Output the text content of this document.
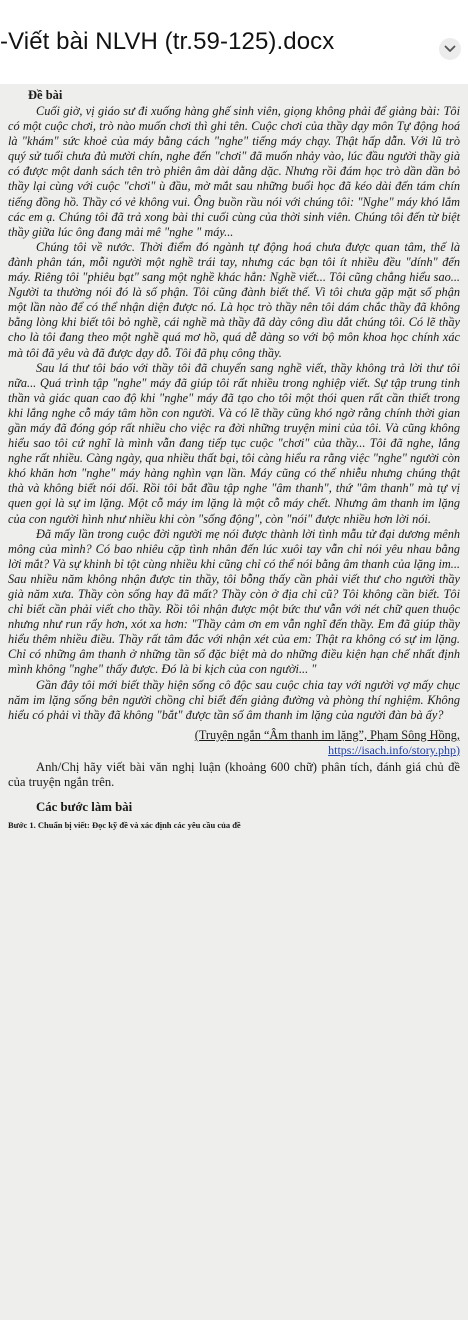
-Viết bài NLVH (tr.59-125).docx
Đề bài

Cuối giờ, vị giáo sư đi xuống hàng ghế sinh viên, giọng không phải để giảng bài: Tôi có một cuộc chơi, trò nào muốn chơi thì ghi tên. Cuộc chơi của thầy dạy môn Tự động hoá là "khám" sức khoẻ của máy bằng cách "nghe" tiếng máy chạy. Thật hấp dẫn. Với lũ trò quý sử tuổi chưa đủ mười chín, nghe đến "chơi" đã muốn nhảy vào, lúc đầu người thầy già có được một danh sách tên trò phiên âm dài dằng dặc. Nhưng rồi đám học trò dần dần bỏ thầy lại cùng với cuộc "chơi" ù đầu, mờ mắt sau những buổi học đã kéo dài đến tám chín tiếng đồng hồ. Thầy có vẻ không vui. Ông buồn rầu nói với chúng tôi: "Nghe" máy khó lắm các em ạ. Chúng tôi đã trả xong bài thi cuối cùng của thời sinh viên. Chúng tôi đến từ biệt thầy giữa lúc ông đang mải mê "nghe " máy...

Chúng tôi về nước. Thời điểm đó ngành tự động hoá chưa được quan tâm, thế là đành phân tán, mỗi người một nghề trái tay, nhưng các bạn tôi ít nhiều đều "dính" đến máy. Riêng tôi "phiêu bạt" sang một nghề khác hẳn: Nghề viết... Tôi cũng chẳng hiểu sao... Người ta thường nói đó là số phận. Tôi cũng đành biết thế. Vì tôi chưa gặp mặt số phận một lần nào để có thể nhận diện được nó. Là học trò thầy nên tôi dám chắc thầy đã không bằng lòng khi biết tôi bỏ nghề, cái nghề mà thầy đã dày công dìu dắt chúng tôi. Có lẽ thầy cho là tôi đang theo một nghề quá mơ hồ, quá dễ dàng so với bộ môn khoa học chính xác mà tôi đã yêu và đã được dạy dỗ. Tôi đã phụ công thầy.

Sau lá thư tôi báo với thầy tôi đã chuyển sang nghề viết, thầy không trả lời thư tôi nữa... Quá trình tập "nghe" máy đã giúp tôi rất nhiều trong nghiệp viết. Sự tập trung tinh thần và giác quan cao độ khi "nghe" máy đã tạo cho tôi một thói quen rất cần thiết trong khi lắng nghe cỗ máy tâm hồn con người. Và có lẽ thầy cũng khó ngờ rằng chính thời gian gần máy đã đóng góp rất nhiều cho việc ra đời những truyện mini của tôi. Và cũng không hiểu sao tôi cứ nghĩ là mình vẫn đang tiếp tục cuộc "chơi" của thầy... Tôi đã nghe, lắng nghe rất nhiều. Càng ngày, qua nhiều thất bại, tôi càng hiểu ra rằng việc "nghe" người còn khó khăn hơn "nghe" máy hàng nghìn vạn lần. Máy cũng có thể nhiễu nhưng chúng thật thà và không biết nói dối. Rồi tôi bắt đầu tập nghe "âm thanh", thứ "âm thanh" mà tự vị quen gọi là sự im lặng. Một cỗ máy im lặng là một cỗ máy chết. Nhưng âm thanh im lặng của con người hình như nhiều khi còn "sống động", còn "nói" được nhiều hơn lời nói.

Đã mấy lần trong cuộc đời người mẹ nói được thành lời tình mẫu tử đại dương mênh mông của mình? Có bao nhiêu cặp tình nhân đến lúc xuôi tay vẫn chỉ nói yêu nhau bằng lời mắt? Và sự khinh bỉ tột cùng nhiều khi cũng chỉ có thể nói bằng âm thanh của lặng im... Sau nhiều năm không nhận được tin thầy, tôi bỗng thấy cần phải viết thư cho người thầy già năm xưa. Thầy còn sống hay đã mất? Thầy còn ở địa chỉ cũ? Tôi không cần biết. Tôi chỉ biết cần phải viết cho thầy. Rồi tôi nhận được một bức thư vẫn với nét chữ quen thuộc nhưng như run rẩy hơn, xót xa hơn: "Thầy cảm ơn em vẫn nghĩ đến thầy. Em đã giúp thầy hiểu thêm nhiều điều. Thầy rất tâm đắc với nhận xét của em: Thật ra không có sự im lặng. Chỉ có những âm thanh ở những tần số đặc biệt mà do những điều kiện hạn chế nhất định mình không "nghe" thấy được. Đó là bi kịch của con người... "

Gần đây tôi mới biết thầy hiện sống cô độc sau cuộc chia tay với người vợ mấy chục năm im lặng sống bên người chồng chỉ biết đến giảng đường và phòng thí nghiệm. Không hiểu có phải vì thầy đã không "bắt" được tần số âm thanh im lặng của người đàn bà ấy?

(Truyện ngắn “Âm thanh im lặng”, Phạm Sông Hồng,
https://isach.info/story.php)
Anh/Chị hãy viết bài văn nghị luận (khoảng 600 chữ) phân tích, đánh giá chủ đề của truyện ngắn trên.
Các bước làm bài
Bước 1. Chuẩn bị viết: Đọc kỹ đề và xác định các yêu cầu của đề
